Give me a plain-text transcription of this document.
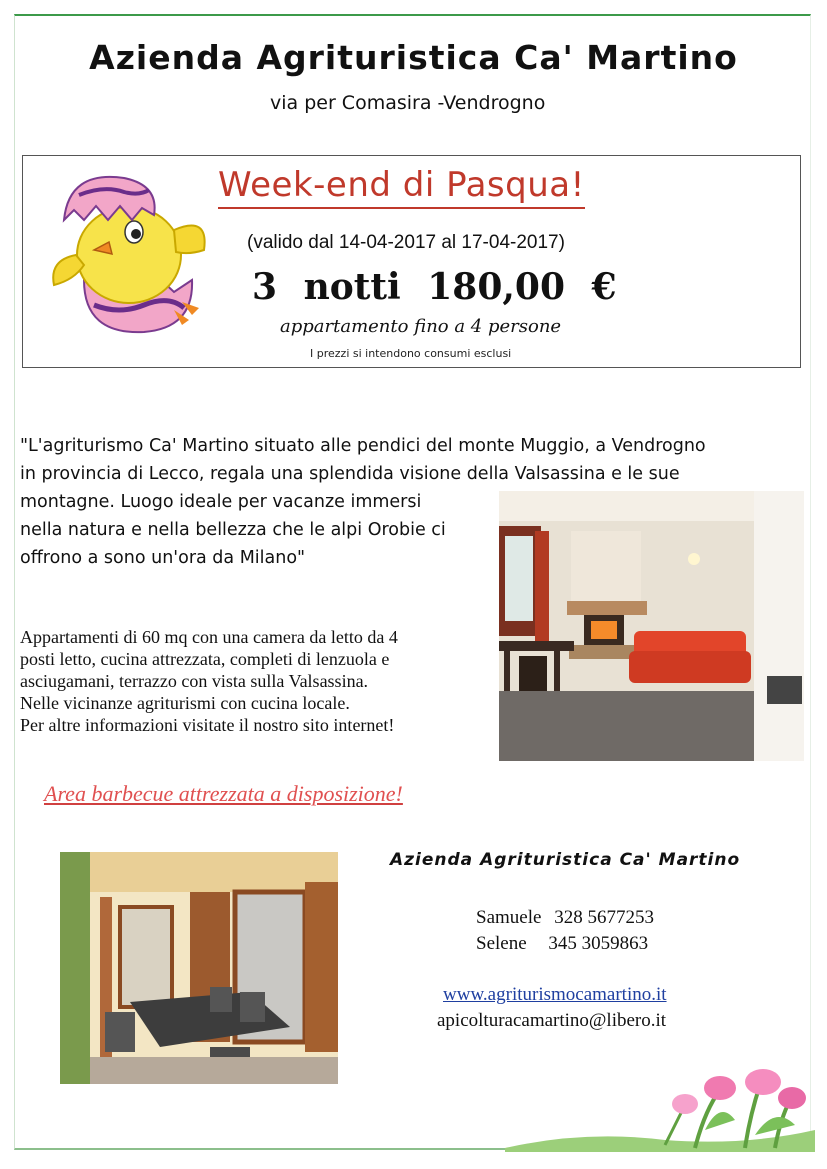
Azienda Agrituristica Ca' Martino
via per Comasira -Vendrogno
Week-end di Pasqua!
(valido dal 14-04-2017 al 17-04-2017)
3 notti 180,00 €
appartamento fino a 4 persone
I prezzi si intendono consumi esclusi
"L'agriturismo Ca' Martino situato alle pendici del monte Muggio, a Vendrogno
in provincia di Lecco, regala una splendida visione della Valsassina e le sue
montagne. Luogo ideale per vacanze immersi
nella natura e nella bellezza che le alpi Orobie ci
offrono a sono un'ora da Milano"
Appartamenti di 60 mq con una camera da letto da 4
posti letto, cucina attrezzata, completi di lenzuola e
asciugamani, terrazzo con vista sulla Valsassina.
Nelle vicinanze agriturismi con cucina locale.
Per altre informazioni visitate il nostro sito internet!
Area barbecue attrezzata a disposizione!
Azienda Agrituristica Ca' Martino
Samuele 328 5677253
Selene 345 3059863
www.agriturismocamartino.it
apicolturacamartino@libero.it
